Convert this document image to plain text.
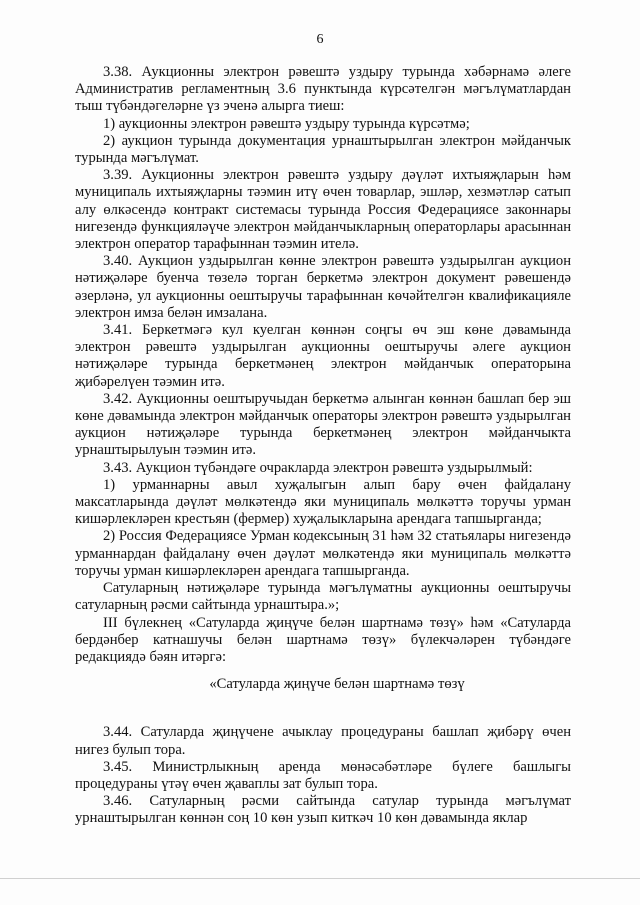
6

3.38. Аукционны электрон рәвештә уздыру турында хәбәрнамә әлеге Административ регламентның 3.6 пунктында күрсәтелгән мәгълүматлардан тыш түбәндәгеләрне үз эченә алырга тиеш:

1) аукционны электрон рәвештә уздыру турында күрсәтмә;

2) аукцион турында документация урнаштырылган электрон мәйданчык турында мәгълүмат.

3.39. Аукционны электрон рәвештә уздыру дәүләт ихтыяҗларын һәм муниципаль ихтыяҗларны тәэмин итү өчен товарлар, эшләр, хезмәтләр сатып алу өлкәсендә контракт системасы турында Россия Федерациясе законнары нигезендә функцияләүче электрон мәйданчыкларның операторлары арасыннан электрон оператор тарафыннан тәэмин ителә.

3.40. Аукцион уздырылган көнне электрон рәвештә уздырылган аукцион нәтиҗәләре буенча төзелә торган беркетмә электрон документ рәвешендә әзерләнә, ул аукционны оештыручы тарафыннан көчәйтелгән квалификацияле электрон имза белән имзалана.

3.41. Беркетмәгә кул куелган көннән соңгы өч эш көне дәвамында электрон рәвештә уздырылган аукционны оештыручы әлеге аукцион нәтиҗәләре турында беркетмәнең электрон мәйданчык операторына җибәрелүен тәэмин итә.

3.42. Аукционны оештыручыдан беркетмә алынган көннән башлап бер эш көне дәвамында электрон мәйданчык операторы электрон рәвештә уздырылган аукцион нәтиҗәләре турында беркетмәнең электрон мәйданчыкта урнаштырылуын тәэмин итә.

3.43. Аукцион түбәндәге очракларда электрон рәвештә уздырылмый:

1) урманнарны авыл хуҗалыгын алып бару өчен файдалану максатларында дәүләт мөлкәтендә яки муниципаль мөлкәттә торучы урман кишәрлекләрен крестьян (фермер) хуҗалыкларына арендага тапшырганда;

2) Россия Федерациясе Урман кодексының 31 һәм 32 статьялары нигезендә урманнардан файдалану өчен дәүләт мөлкәтендә яки муниципаль мөлкәттә торучы урман кишәрлекләрен арендага тапшырганда.

Сатуларның нәтиҗәләре турында мәгълүматны аукционны оештыручы сатуларның рәсми сайтында урнаштыра.»;

III бүлекнең «Сатуларда җиңүче белән шартнамә төзү» һәм «Сатуларда бердәнбер катнашучы белән шартнамә төзү» бүлекчәләрен түбәндәге редакциядә бәян итәргә:

«Сатуларда җиңүче белән шартнамә төзү

3.44. Сатуларда җиңүчене ачыклау процедураны башлап җибәрү өчен нигез булып тора.

3.45. Министрлыкның аренда мөнәсәбәтләре бүлеге башлыгы процедураны үтәү өчен җаваплы зат булып тора.

3.46. Сатуларның рәсми сайтында сатулар турында мәгълүмат урнаштырылган көннән соң 10 көн узып киткәч 10 көн дәвамында яклар
